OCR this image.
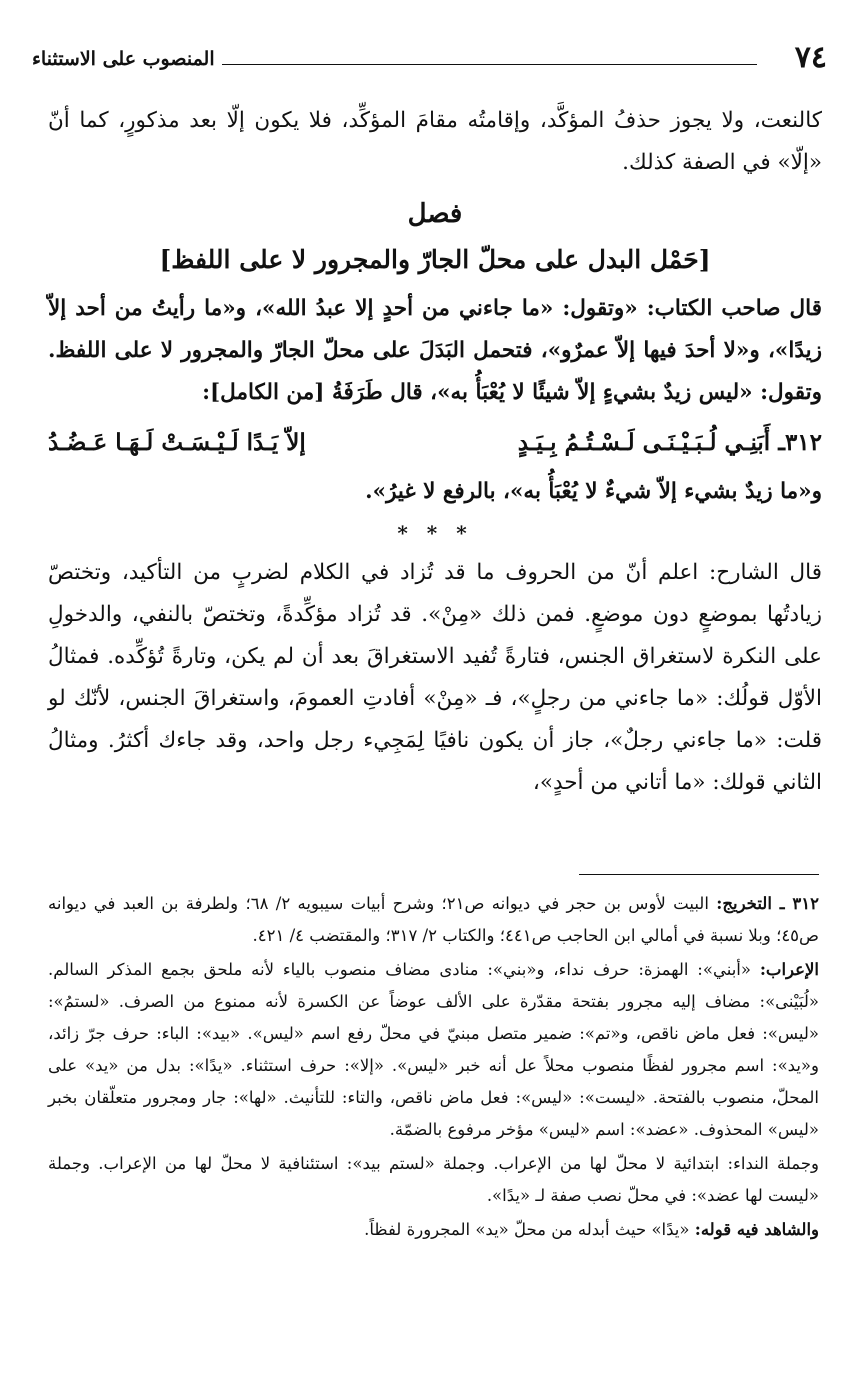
٧٤
المنصوب على الاستثناء

كالنعت، ولا يجوز حذفُ المؤكَّد، وإقامتُه مقامَ المؤكِّد، فلا يكون إلّا بعد مذكورٍ، كما أنّ «إلّا» في الصفة كذلك.

فصل
[حَمْل البدل على محلّ الجارّ والمجرور لا على اللفظ]

قال صاحب الكتاب: «وتقول: «ما جاءني من أحدٍ إلا عبدُ الله»، و«ما رأيتُ من أحد إلاّ زيدًا»، و«لا أحدَ فيها إلاّ عمرٌو»، فتحمل البَدَلَ على محلّ الجارّ والمجرور لا على اللفظ. وتقول: «ليس زيدٌ بشيءٍ إلاّ شيئًا لا يُعْبَأُ به»، قال طَرَفَةُ [من الكامل]:

٣١٢ـ
أَبَنِـي لُـبَـيْـنَـى لَـسْـتُـمُ بِـيَـدٍ
إلاّ يَـدًا لَـيْـسَـتْ لَـهَـا عَـضُـدُ

و«ما زيدٌ بشيء إلاّ شيءٌ لا يُعْبَأُ به»، بالرفع لا غيرُ».

* * *

قال الشارح: اعلم أنّ من الحروف ما قد تُزاد في الكلام لضربٍ من التأكيد، وتختصّ زيادتُها بموضعٍ دون موضعٍ. فمن ذلك «مِنْ». قد تُزاد مؤكِّدةً، وتختصّ بالنفي، والدخولِ على النكرة لاستغراق الجنس، فتارةً تُفيد الاستغراقَ بعد أن لم يكن، وتارةً تُؤكِّده. فمثالُ الأوّل قولُك: «ما جاءني من رجلٍ»، فـ «مِنْ» أفادتِ العمومَ، واستغراقَ الجنس، لأنّك لو قلت: «ما جاءني رجلٌ»، جاز أن يكون نافيًا لِمَجِيء رجل واحد، وقد جاءك أكثرُ. ومثالُ الثاني قولك: «ما أتاني من أحدٍ»،

٣١٢ ـ التخريج: البيت لأوس بن حجر في ديوانه ص٢١؛ وشرح أبيات سيبويه ٢/ ٦٨؛ ولطرفة بن العبد في ديوانه ص٤٥؛ وبلا نسبة في أمالي ابن الحاجب ص٤٤١؛ والكتاب ٢/ ٣١٧؛ والمقتضب ٤/ ٤٢١.

الإعراب: «أبني»: الهمزة: حرف نداء، و«بني»: منادى مضاف منصوب بالياء لأنه ملحق بجمع المذكر السالم. «لُبَيْنى»: مضاف إليه مجرور بفتحة مقدّرة على الألف عوضاً عن الكسرة لأنه ممنوع من الصرف. «لستمُ»: «ليس»: فعل ماض ناقص، و«تم»: ضمير متصل مبنيّ في محلّ رفع اسم «ليس». «بيد»: الباء: حرف جرّ زائد، و«يد»: اسم مجرور لفظًا منصوب محلاً عل أنه خبر «ليس». «إلا»: حرف استثناء. «يدًا»: بدل من «يد» على المحلّ، منصوب بالفتحة. «ليست»: «ليس»: فعل ماض ناقص، والتاء: للتأنيث. «لها»: جار ومجرور متعلّقان بخبر «ليس» المحذوف. «عضد»: اسم «ليس» مؤخر مرفوع بالضمّة.

وجملة النداء: ابتدائية لا محلّ لها من الإعراب. وجملة «لستم بيد»: استئنافية لا محلّ لها من الإعراب. وجملة «ليست لها عضد»: في محلّ نصب صفة لـ «يدًا».

والشاهد فيه قوله: «يدًا» حيث أبدله من محلّ «يد» المجرورة لفظاً.
